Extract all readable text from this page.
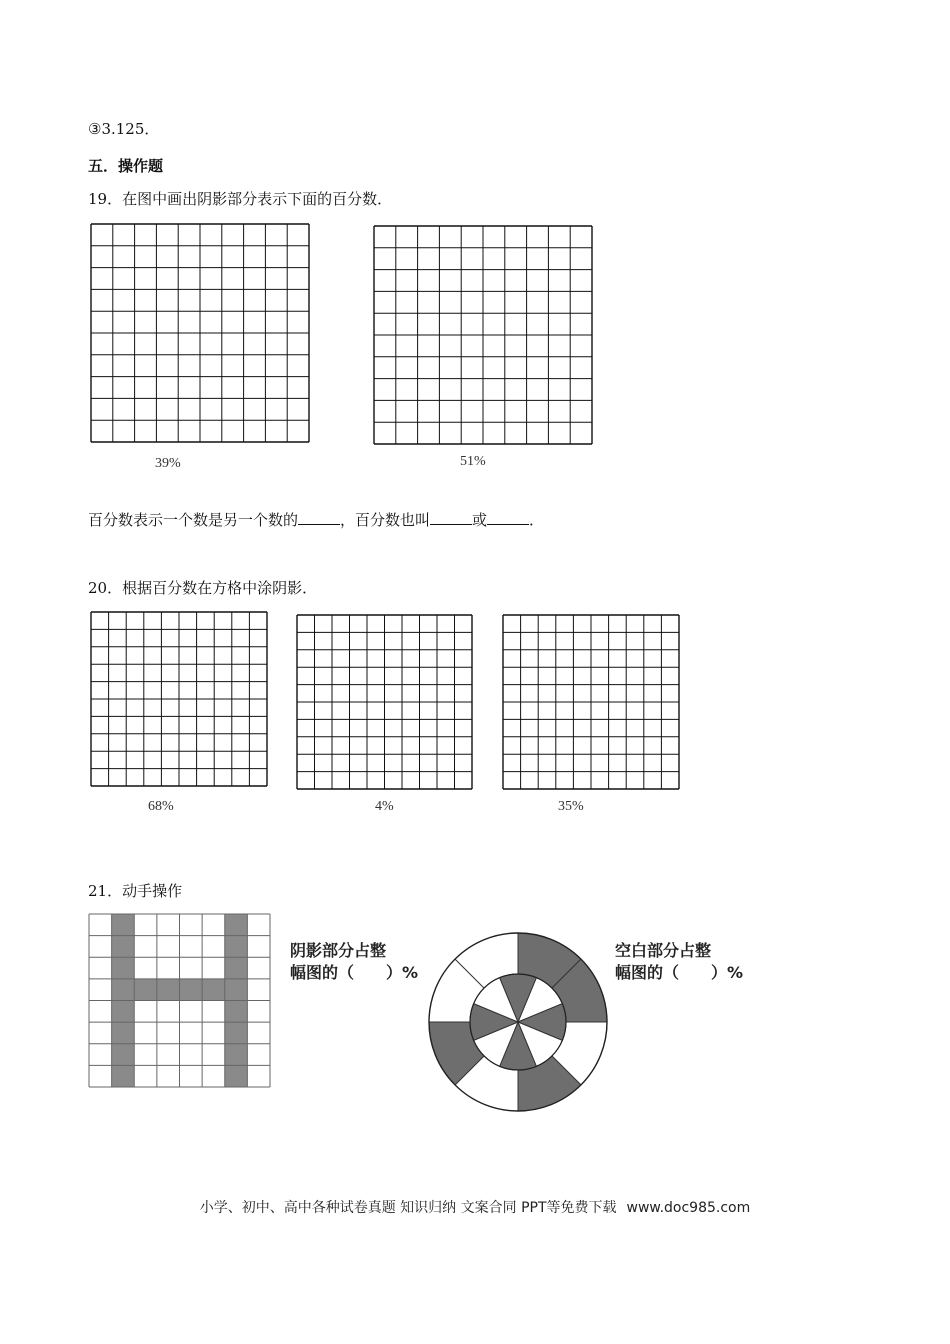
③3.125．
五．操作题
19．在图中画出阴影部分表示下面的百分数．
39%	51%
百分数表示一个数是另一个数的	，百分数也叫	或	．
20．根据百分数在方格中涂阴影．
68%	4%	35%
21．动手操作
阴影部分占整
幅图的（　　）%
空白部分占整
幅图的（　　）%
小学、初中、高中各种试卷真题 知识归纳 文案合同 PPT等免费下载 www.doc985.com
